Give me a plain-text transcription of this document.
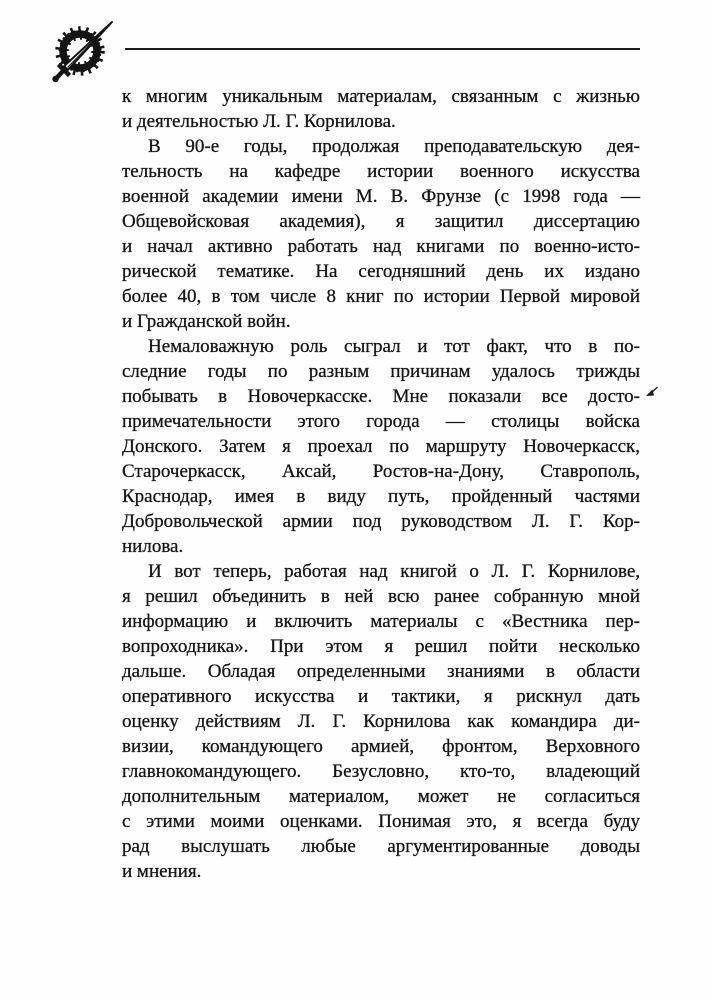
к многим уникальным материалам, связанным с жизнью
и деятельностью Л. Г. Корнилова.
В 90-е годы, продолжая преподавательскую дея-
тельность на кафедре истории военного искусства
военной академии имени М. В. Фрунзе (с 1998 года —
Общевойсковая академия), я защитил диссертацию
и начал активно работать над книгами по военно-исто-
рической тематике. На сегодняшний день их издано
более 40, в том числе 8 книг по истории Первой мировой
и Гражданской войн.
Немаловажную роль сыграл и тот факт, что в по-
следние годы по разным причинам удалось трижды
побывать в Новочеркасске. Мне показали все досто-
примечательности этого города — столицы войска
Донского. Затем я проехал по маршруту Новочеркасск,
Старочеркасск, Аксай, Ростов-на-Дону, Ставрополь,
Краснодар, имея в виду путь, пройденный частями
Добровольческой армии под руководством Л. Г. Кор-
нилова.
И вот теперь, работая над книгой о Л. Г. Корнилове,
я решил объединить в ней всю ранее собранную мной
информацию и включить материалы с «Вестника пер-
вопроходника». При этом я решил пойти несколько
дальше. Обладая определенными знаниями в области
оперативного искусства и тактики, я рискнул дать
оценку действиям Л. Г. Корнилова как командира ди-
визии, командующего армией, фронтом, Верховного
главнокомандующего. Безусловно, кто-то, владеющий
дополнительным материалом, может не согласиться
с этими моими оценками. Понимая это, я всегда буду
рад выслушать любые аргументированные доводы
и мнения.
